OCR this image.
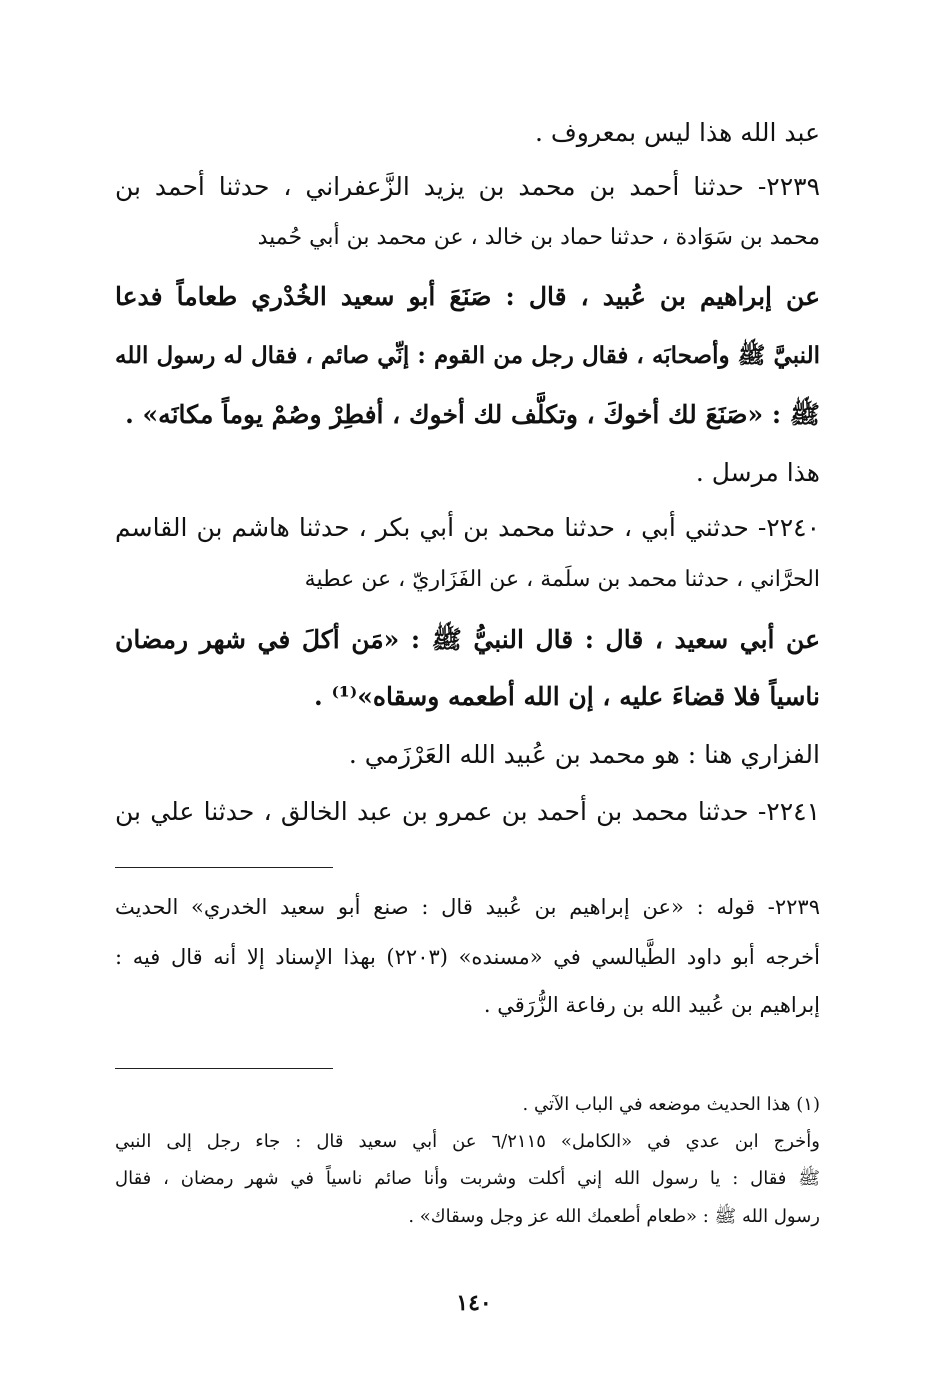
عبد الله هذا ليس بمعروف .
٢٢٣٩- حدثنا أحمد بن محمد بن يزيد الزَّعفراني ، حدثنا أحمد بن
محمد بن سَوَادة ، حدثنا حماد بن خالد ، عن محمد بن أبي حُميد
عن إبراهيم بن عُبيد ، قال : صَنَعَ أبو سعيد الخُدْري طعاماً فدعا
النبيَّ ﷺ وأصحابَه ، فقال رجل من القوم : إنِّي صائم ، فقال له رسول الله
ﷺ : «صَنَعَ لك أخوكَ ، وتكلَّف لك أخوك ، أفطِرْ وصُمْ يوماً مكانَه» .
هذا مرسل .
٢٢٤٠- حدثني أبي ، حدثنا محمد بن أبي بكر ، حدثنا هاشم بن القاسم
الحرَّاني ، حدثنا محمد بن سلَمة ، عن الفَزَاريّ ، عن عطية
عن أبي سعيد ، قال : قال النبيُّ ﷺ : «مَن أكلَ في شهر رمضان
ناسياً فلا قضاءَ عليه ، إن الله أطعمه وسقاه»⁽¹⁾ .
الفزاري هنا : هو محمد بن عُبيد الله العَرْزَمي .
٢٢٤١- حدثنا محمد بن أحمد بن عمرو بن عبد الخالق ، حدثنا علي بن
٢٢٣٩- قوله : «عن إبراهيم بن عُبيد قال : صنع أبو سعيد الخدري» الحديث
أخرجه أبو داود الطَّيالسي في «مسنده» (٢٢٠٣) بهذا الإسناد إلا أنه قال فيه :
إبراهيم بن عُبيد الله بن رفاعة الزُّرَقي .
(١) هذا الحديث موضعه في الباب الآتي .
وأخرج ابن عدي في «الكامل» ٦/٢١١٥ عن أبي سعيد قال : جاء رجل إلى النبي
ﷺ فقال : يا رسول الله إني أكلت وشربت وأنا صائم ناسياً في شهر رمضان ، فقال
رسول الله ﷺ : «طعام أطعمك الله عز وجل وسقاك» .
١٤٠
